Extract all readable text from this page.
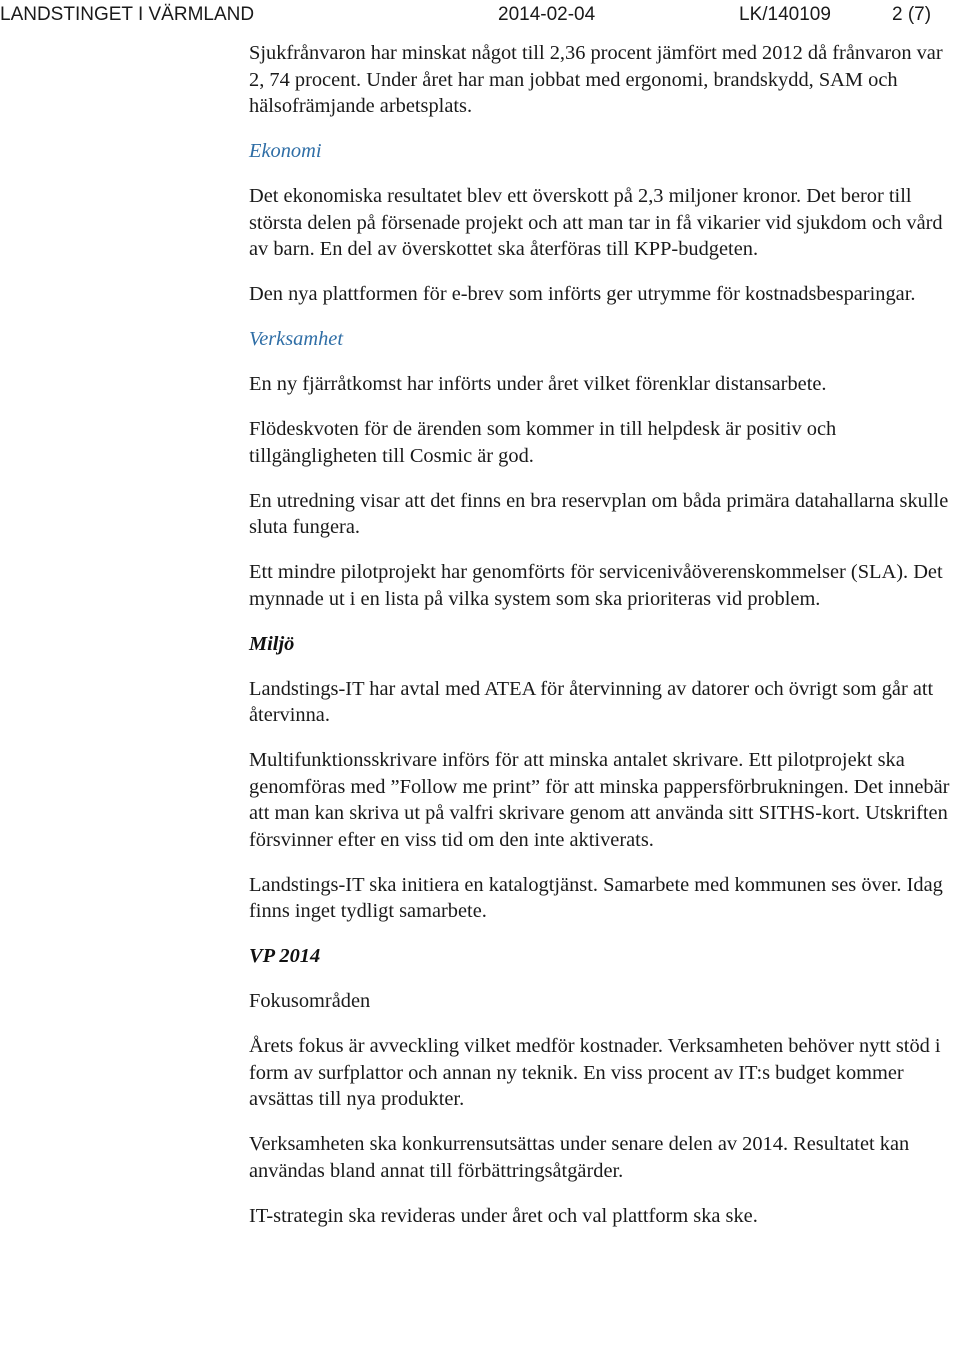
LANDSTINGET I VÄRMLAND	2014-02-04	LK/140109	2 (7)

Sjukfrånvaron har minskat något till 2,36 procent jämfört med 2012 då frånvaron var 2, 74 procent. Under året har man jobbat med ergonomi, brandskydd, SAM och hälsofrämjande arbetsplats.

Ekonomi

Det ekonomiska resultatet blev ett överskott på 2,3 miljoner kronor. Det beror till största delen på försenade projekt och att man tar in få vikarier vid sjukdom och vård av barn. En del av överskottet ska återföras till KPP-budgeten.

Den nya plattformen för e-brev som införts ger utrymme för kostnadsbesparingar.

Verksamhet

En ny fjärråtkomst har införts under året vilket förenklar distansarbete.

Flödeskvoten för de ärenden som kommer in till helpdesk är positiv och tillgängligheten till Cosmic är god.

En utredning visar att det finns en bra reservplan om båda primära datahallarna skulle sluta fungera.

Ett mindre pilotprojekt har genomförts för servicenivåöverenskommelser (SLA). Det mynnade ut i en lista på vilka system som ska prioriteras vid problem.

Miljö

Landstings-IT har avtal med ATEA för återvinning av datorer och övrigt som går att återvinna.

Multifunktionsskrivare införs för att minska antalet skrivare. Ett pilotprojekt ska genomföras med ”Follow me print” för att minska pappersförbrukningen. Det innebär att man kan skriva ut på valfri skrivare genom att använda sitt SITHS-kort. Utskriften försvinner efter en viss tid om den inte aktiverats.

Landstings-IT ska initiera en katalogtjänst. Samarbete med kommunen ses över. Idag finns inget tydligt samarbete.

VP 2014
Fokusområden

Årets fokus är avveckling vilket medför kostnader. Verksamheten behöver nytt stöd i form av surfplattor och annan ny teknik. En viss procent av IT:s budget kommer avsättas till nya produkter.

Verksamheten ska konkurrensutsättas under senare delen av 2014. Resultatet kan användas bland annat till förbättringsåtgärder.

IT-strategin ska revideras under året och val plattform ska ske.
